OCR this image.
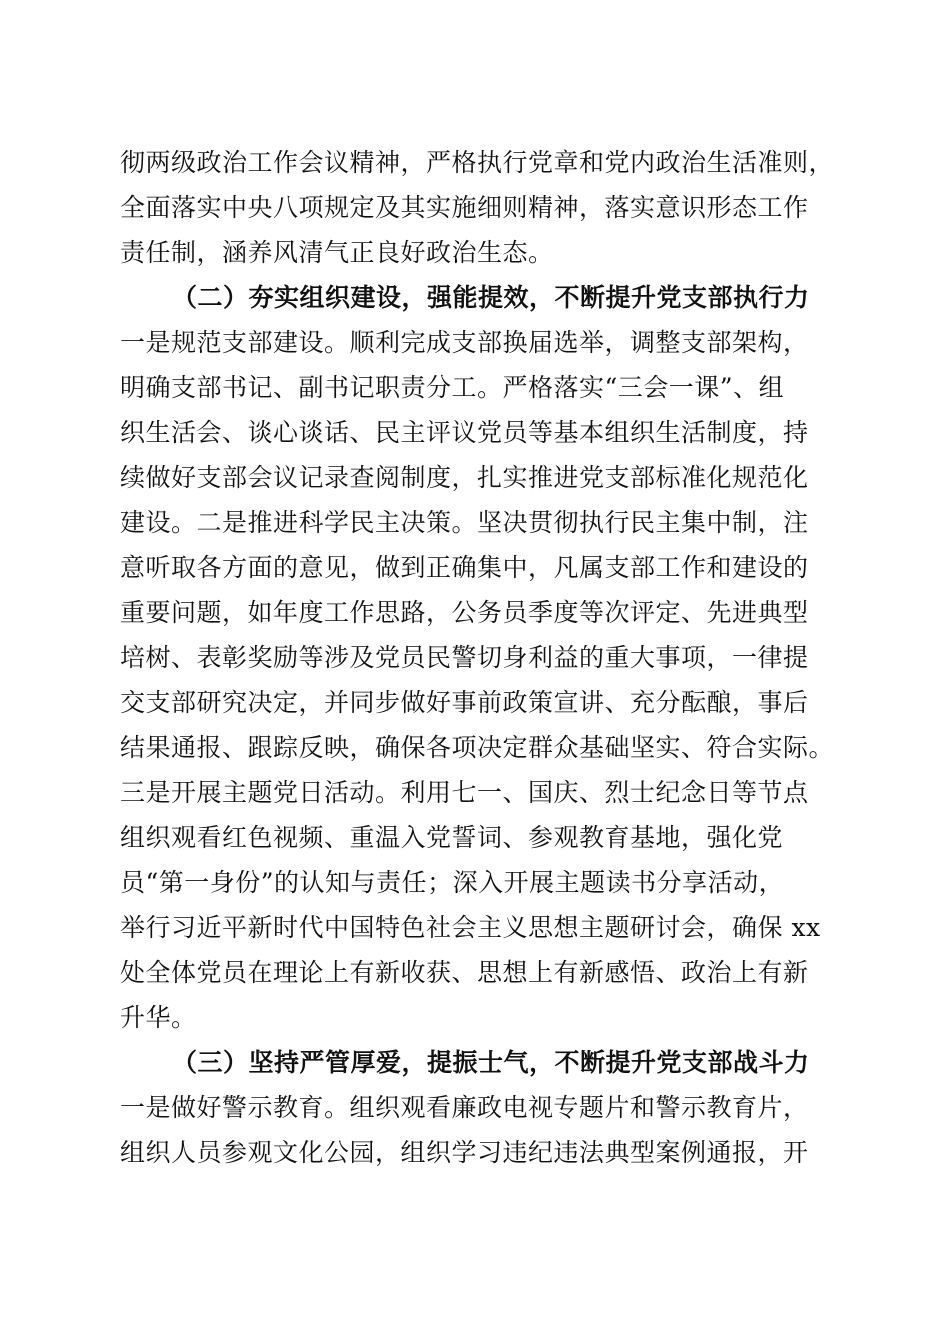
彻两级政治工作会议精神，严格执行党章和党内政治生活准则，
全面落实中央八项规定及其实施细则精神，落实意识形态工作
责任制，涵养风清气正良好政治生态。
（二）夯实组织建设，强能提效，不断提升党支部执行力
一是规范支部建设。顺利完成支部换届选举，调整支部架构，
明确支部书记、副书记职责分工。严格落实“三会一课”、组
织生活会、谈心谈话、民主评议党员等基本组织生活制度，持
续做好支部会议记录查阅制度，扎实推进党支部标准化规范化
建设。二是推进科学民主决策。坚决贯彻执行民主集中制，注
意听取各方面的意见，做到正确集中，凡属支部工作和建设的
重要问题，如年度工作思路，公务员季度等次评定、先进典型
培树、表彰奖励等涉及党员民警切身利益的重大事项，一律提
交支部研究决定，并同步做好事前政策宣讲、充分酝酿，事后
结果通报、跟踪反映，确保各项决定群众基础坚实、符合实际。
三是开展主题党日活动。利用七一、国庆、烈士纪念日等节点
组织观看红色视频、重温入党誓词、参观教育基地，强化党
员“第一身份”的认知与责任；深入开展主题读书分享活动，
举行习近平新时代中国特色社会主义思想主题研讨会，确保 xx
处全体党员在理论上有新收获、思想上有新感悟、政治上有新
升华。
（三）坚持严管厚爱，提振士气，不断提升党支部战斗力
一是做好警示教育。组织观看廉政电视专题片和警示教育片，
组织人员参观文化公园，组织学习违纪违法典型案例通报，开
